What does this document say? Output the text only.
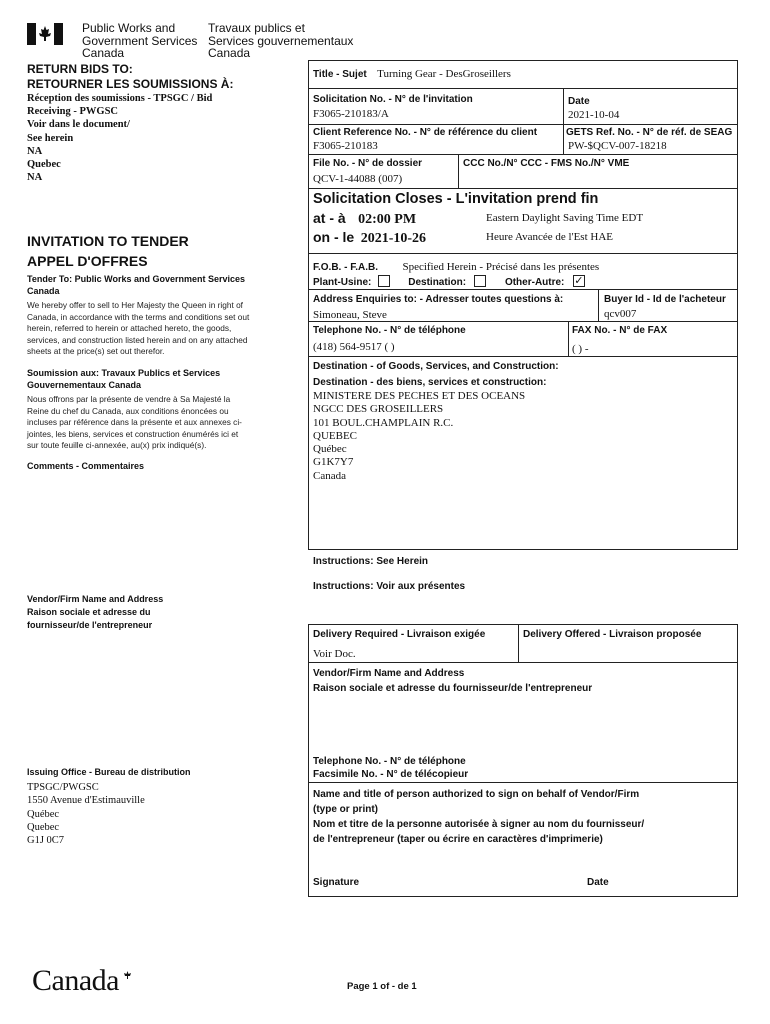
Public Works and
Government Services
Canada
Travaux publics et
Services gouvernementaux
Canada
RETURN BIDS TO:
RETOURNER LES SOUMISSIONS À:
Réception des soumissions - TPSGC / Bid
Receiving - PWGSC
Voir dans le document/
See herein
NA
Quebec
NA
INVITATION TO TENDER
APPEL D'OFFRES
Tender To: Public Works and Government Services Canada
We hereby offer to sell to Her Majesty the Queen in right of Canada, in accordance with the terms and conditions set out herein, referred to herein or attached hereto, the goods, services, and construction listed herein and on any attached sheets at the price(s) set out therefor.
Soumission aux: Travaux Publics et Services Gouvernementaux Canada
Nous offrons par la présente de vendre à Sa Majesté la Reine du chef du Canada, aux conditions énoncées ou incluses par référence dans la présente et aux annexes ci-jointes, les biens, services et construction énumérés ici et sur toute feuille ci-annexée, au(x) prix indiqué(s).
Comments - Commentaires
Vendor/Firm Name and Address
Raison sociale et adresse du
fournisseur/de l'entrepreneur
Issuing Office - Bureau de distribution
TPSGC/PWGSC
1550 Avenue d'Estimauville
Québec
Quebec
G1J 0C7
Title - Sujet Turning Gear - DesGroseillers
Solicitation No. - N° de l'invitation
F3065-210183/A
Date
2021-10-04
Client Reference No. - N° de référence du client
F3065-210183
GETS Ref. No. - N° de réf. de SEAG
PW-$QCV-007-18218
File No. - N° de dossier
QCV-1-44088 (007)
CCC No./N° CCC - FMS No./N° VME
Solicitation Closes - L'invitation prend fin
at - à 02:00 PM
on - le 2021-10-26
Eastern Daylight Saving Time EDT
Heure Avancée de l'Est HAE
F.O.B. - F.A.B. Specified Herein - Précisé dans les présentes
Plant-Usine:	Destination:	Other-Autre: ✓
Address Enquiries to: - Adresser toutes questions à:
Simoneau, Steve
Buyer Id - Id de l'acheteur
qcv007
Telephone No. - N° de téléphone
(418) 564-9517 ( )
FAX No. - N° de FAX
( ) -
Destination - of Goods, Services, and Construction:
Destination - des biens, services et construction:
MINISTERE DES PECHES ET DES OCEANS
NGCC DES GROSEILLERS
101 BOUL.CHAMPLAIN R.C.
QUEBEC
Québec
G1K7Y7
Canada
Instructions: See Herein
Instructions: Voir aux présentes
Delivery Required - Livraison exigée
Voir Doc.
Delivery Offered - Livraison proposée
Vendor/Firm Name and Address
Raison sociale et adresse du fournisseur/de l'entrepreneur
Telephone No. - N° de téléphone
Facsimile No. - N° de télécopieur
Name and title of person authorized to sign on behalf of Vendor/Firm
(type or print)
Nom et titre de la personne autorisée à signer au nom du fournisseur/
de l'entrepreneur (taper ou écrire en caractères d'imprimerie)
Signature	Date
Canada	Page 1 of - de 1
